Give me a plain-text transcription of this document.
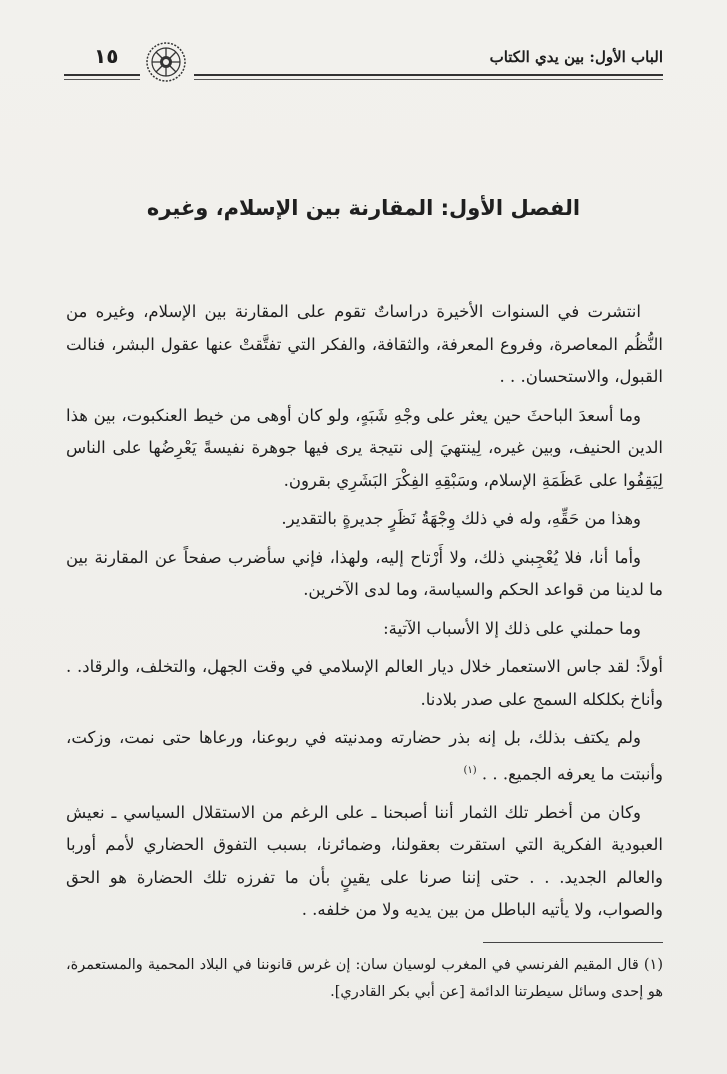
الباب الأول: بين يدي الكتاب
١٥
الفصل الأول: المقارنة بين الإسلام، وغيره

انتشرت في السنوات الأخيرة دراساتٌ تقوم على المقارنة بين الإسلام، وغيره من النُّظُم المعاصرة، وفروع المعرفة، والثقافة، والفكر التي تفتَّقتْ عنها عقول البشر، فنالت القبول، والاستحسان. . .

وما أسعدَ الباحثَ حين يعثر على وجْهِ شَبَهٍ، ولو كان أوهى من خيط العنكبوت، بين هذا الدين الحنيف، وبين غيره، لِينتهيَ إلى نتيجة يرى فيها جوهرة نفيسةً يَعْرِضُها على الناس لِيَقِفُوا على عَظَمَةِ الإسلام، وسَبْقِهِ الفِكْرَ البَشَرِي بقرون.

وهذا من حَقِّهِ، وله في ذلك وِجْهَةُ نَظَرٍ جديرةٍ بالتقدير.

وأما أنا، فلا يُعْجِبني ذلك، ولا أَرْتاح إليه، ولهذا، فإني سأضرب صفحاً عن المقارنة بين ما لدينا من قواعد الحكم والسياسة، وما لدى الآخرين.

وما حملني على ذلك إلا الأسباب الآتية:

أولاً: لقد جاس الاستعمار خلال ديار العالم الإسلامي في وقت الجهل، والتخلف، والرقاد. . وأناخ بكلكله السمج على صدر بلادنا.

ولم يكتف بذلك، بل إنه بذر حضارته ومدنيته في ربوعنا، ورعاها حتى نمت، وزكت، وأنبتت ما يعرفه الجميع. . . $^{(١)}$

وكان من أخطر تلك الثمار أننا أصبحنا ـ على الرغم من الاستقلال السياسي ـ نعيش العبودية الفكرية التي استقرت بعقولنا، وضمائرنا، بسبب التفوق الحضاري لأمم أوربا والعالم الجديد. . . حتى إننا صرنا على يقينٍ بأن ما تفرزه تلك الحضارة هو الحق والصواب، ولا يأتيه الباطل من بين يديه ولا من خلفه. .

(١) قال المقيم الفرنسي في المغرب لوسيان سان: إن غرس قانوننا في البلاد المحمية والمستعمرة، هو إحدى وسائل سيطرتنا الدائمة [عن أبي بكر القادري].
